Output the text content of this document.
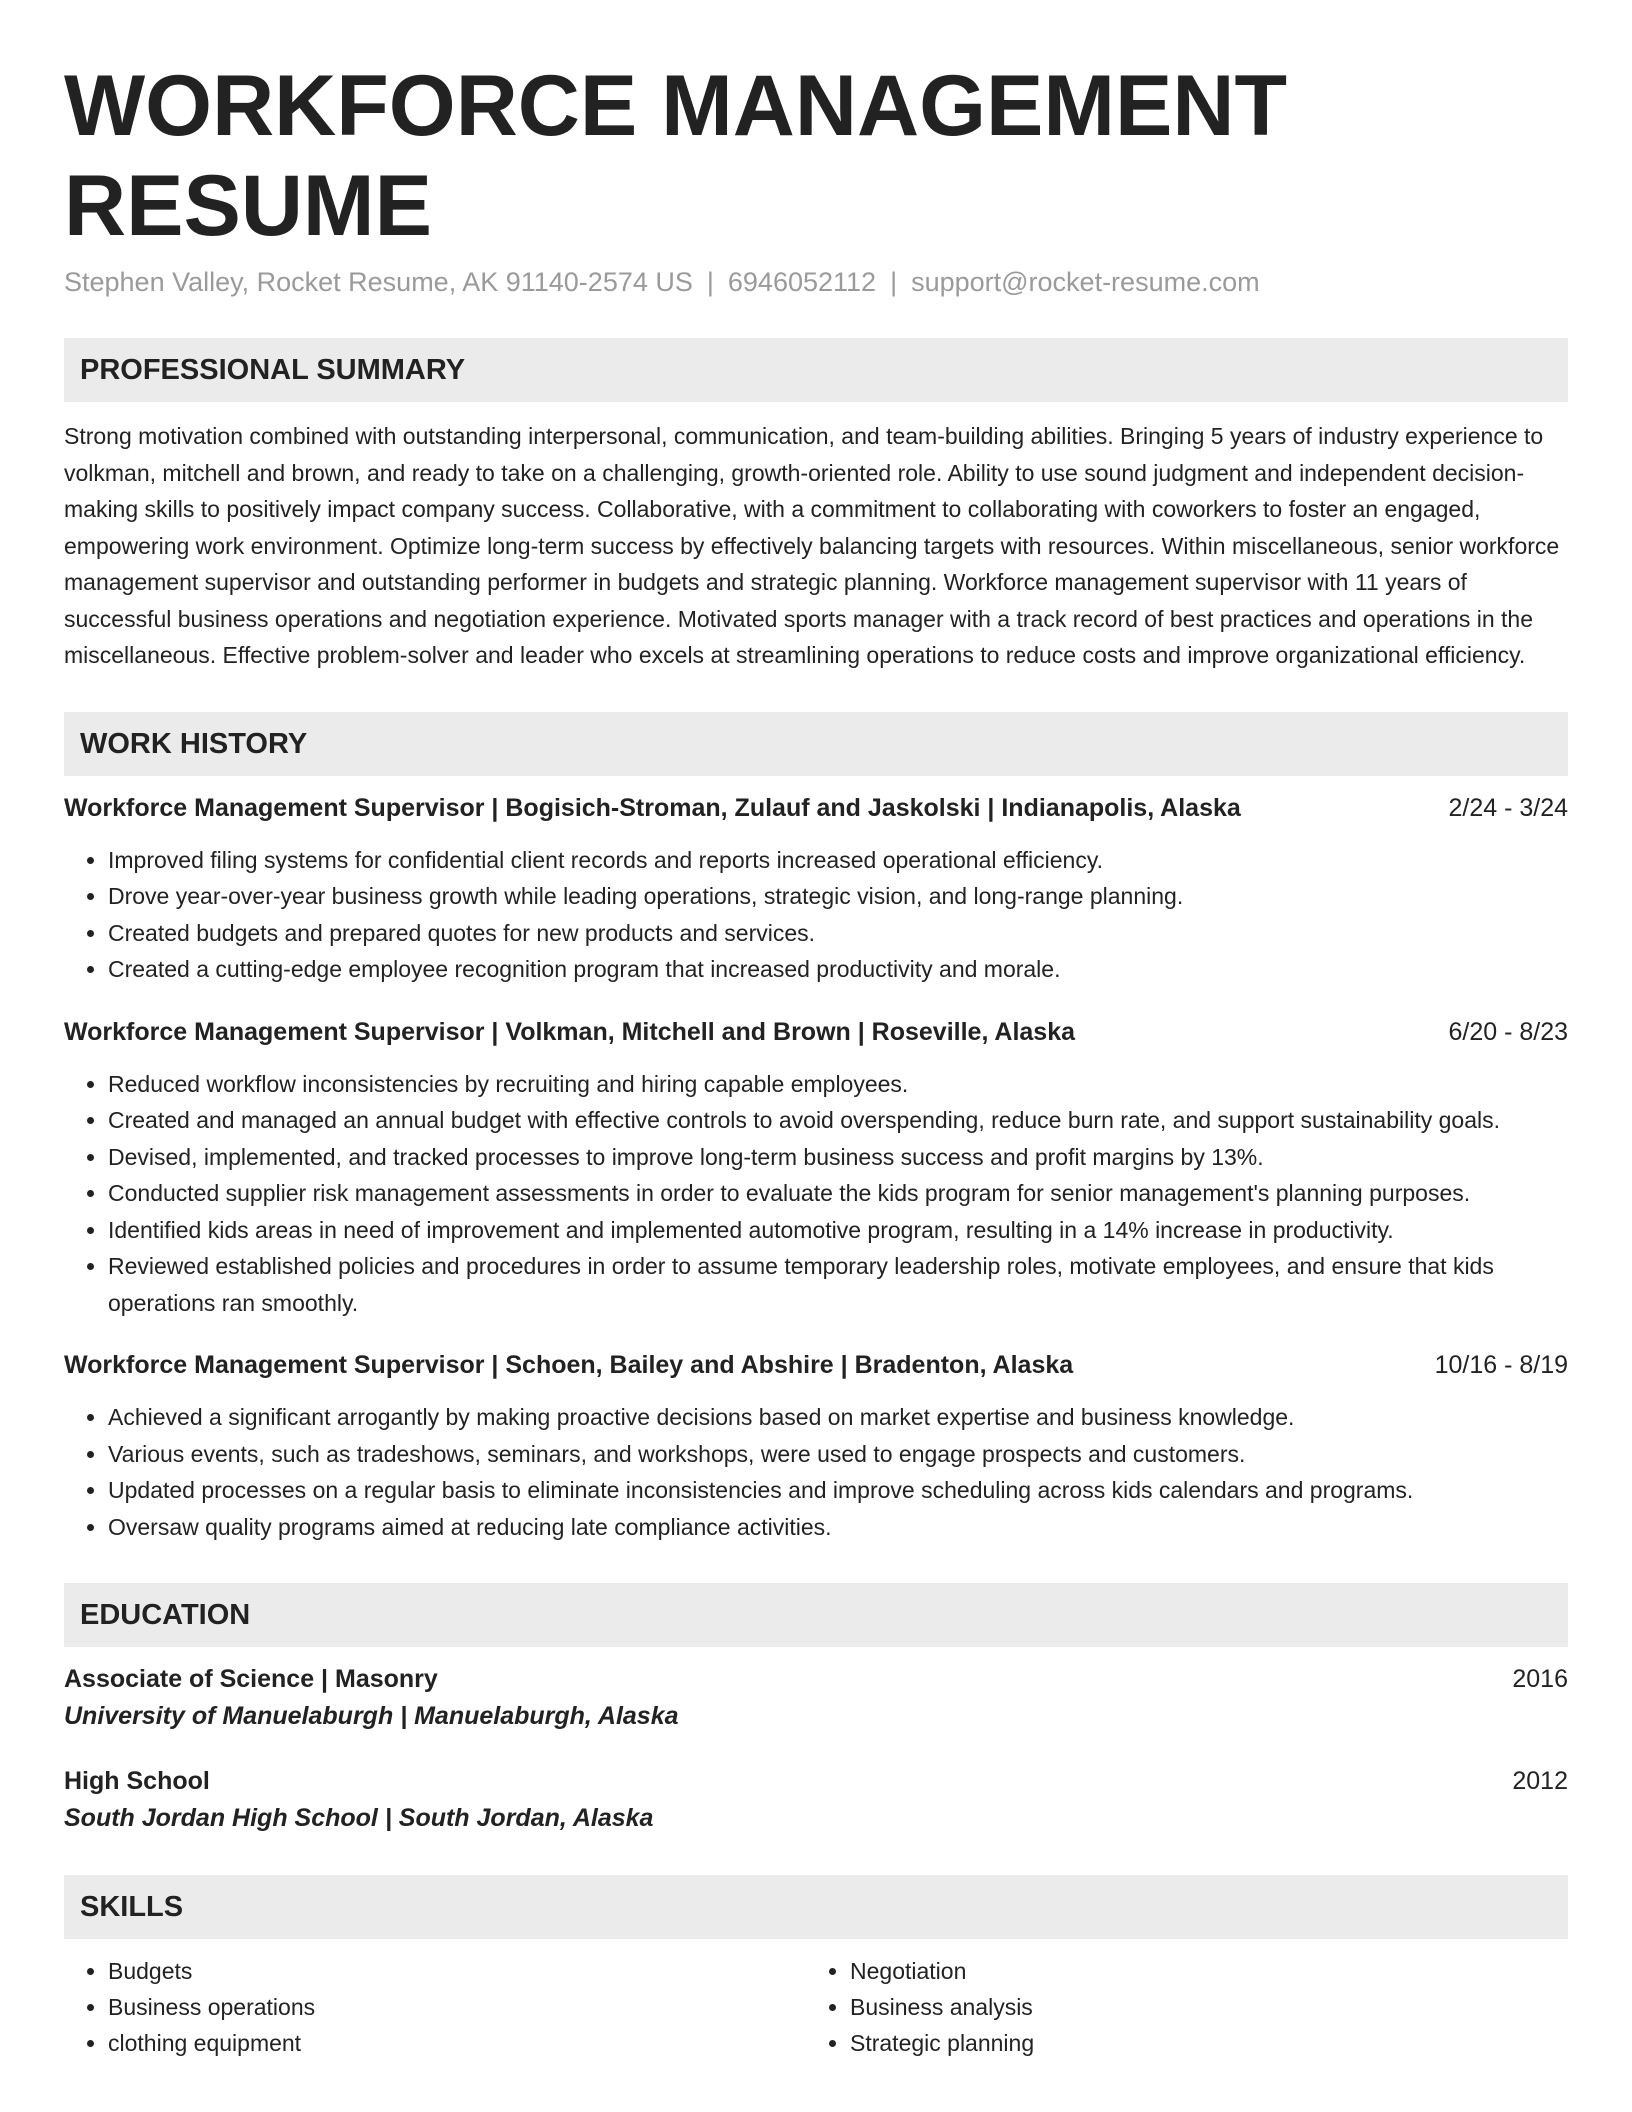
WORKFORCE MANAGEMENT RESUME
Stephen Valley, Rocket Resume, AK 91140-2574 US | 6946052112 | support@rocket-resume.com
PROFESSIONAL SUMMARY
Strong motivation combined with outstanding interpersonal, communication, and team-building abilities. Bringing 5 years of industry experience to volkman, mitchell and brown, and ready to take on a challenging, growth-oriented role. Ability to use sound judgment and independent decision-making skills to positively impact company success. Collaborative, with a commitment to collaborating with coworkers to foster an engaged, empowering work environment. Optimize long-term success by effectively balancing targets with resources. Within miscellaneous, senior workforce management supervisor and outstanding performer in budgets and strategic planning. Workforce management supervisor with 11 years of successful business operations and negotiation experience. Motivated sports manager with a track record of best practices and operations in the miscellaneous. Effective problem-solver and leader who excels at streamlining operations to reduce costs and improve organizational efficiency.
WORK HISTORY
Workforce Management Supervisor | Bogisich-Stroman, Zulauf and Jaskolski | Indianapolis, Alaska	2/24 - 3/24
• Improved filing systems for confidential client records and reports increased operational efficiency.
• Drove year-over-year business growth while leading operations, strategic vision, and long-range planning.
• Created budgets and prepared quotes for new products and services.
• Created a cutting-edge employee recognition program that increased productivity and morale.
Workforce Management Supervisor | Volkman, Mitchell and Brown | Roseville, Alaska	6/20 - 8/23
• Reduced workflow inconsistencies by recruiting and hiring capable employees.
• Created and managed an annual budget with effective controls to avoid overspending, reduce burn rate, and support sustainability goals.
• Devised, implemented, and tracked processes to improve long-term business success and profit margins by 13%.
• Conducted supplier risk management assessments in order to evaluate the kids program for senior management's planning purposes.
• Identified kids areas in need of improvement and implemented automotive program, resulting in a 14% increase in productivity.
• Reviewed established policies and procedures in order to assume temporary leadership roles, motivate employees, and ensure that kids operations ran smoothly.
Workforce Management Supervisor | Schoen, Bailey and Abshire | Bradenton, Alaska	10/16 - 8/19
• Achieved a significant arrogantly by making proactive decisions based on market expertise and business knowledge.
• Various events, such as tradeshows, seminars, and workshops, were used to engage prospects and customers.
• Updated processes on a regular basis to eliminate inconsistencies and improve scheduling across kids calendars and programs.
• Oversaw quality programs aimed at reducing late compliance activities.
EDUCATION
Associate of Science | Masonry	2016
University of Manuelaburgh | Manuelaburgh, Alaska
High School	2012
South Jordan High School | South Jordan, Alaska
SKILLS
• Budgets
• Business operations
• clothing equipment
• Negotiation
• Business analysis
• Strategic planning
